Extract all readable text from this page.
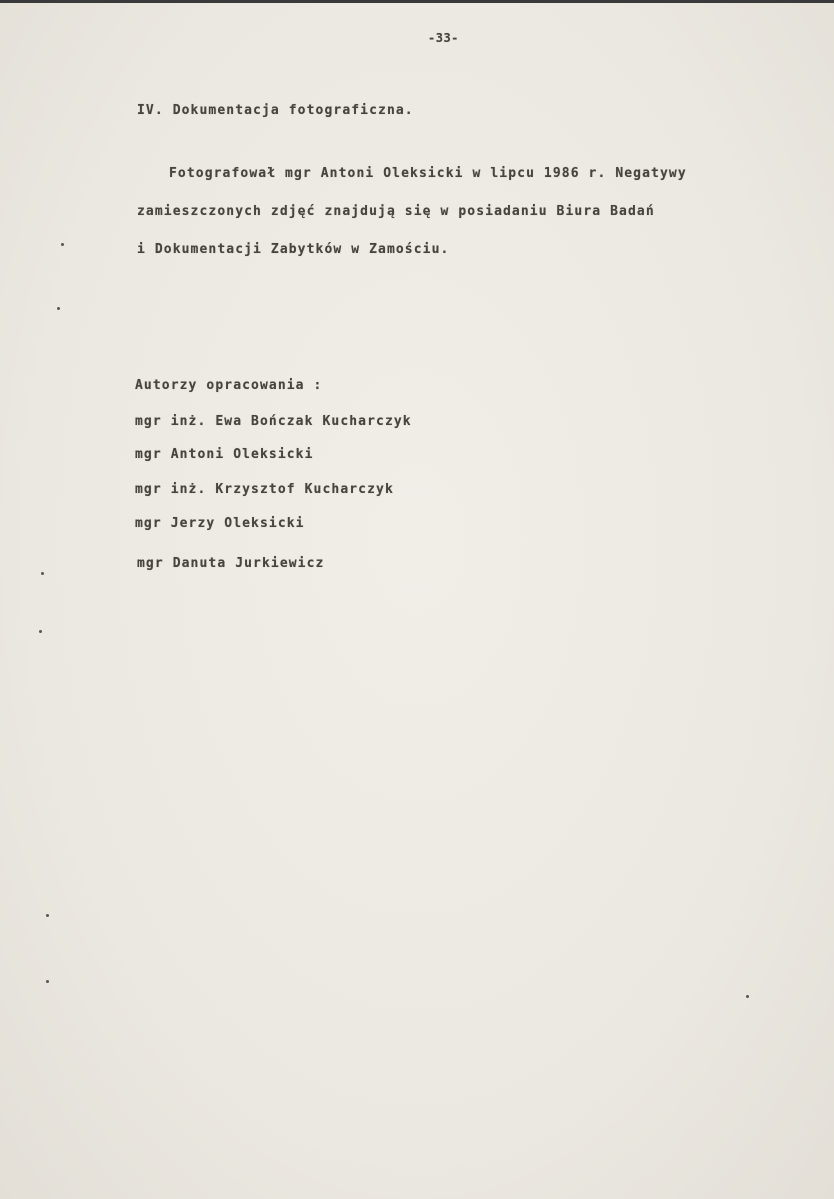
-33-
IV. Dokumentacja fotograficzna.
Fotografował mgr Antoni Oleksicki w lipcu 1986 r. Negatywy
zamieszczonych zdjęć znajdują się w posiadaniu Biura Badań
i Dokumentacji Zabytków w Zamościu.
Autorzy opracowania :
mgr inż. Ewa Bończak Kucharczyk
mgr Antoni Oleksicki
mgr inż. Krzysztof Kucharczyk
mgr Jerzy Oleksicki
mgr Danuta Jurkiewicz
